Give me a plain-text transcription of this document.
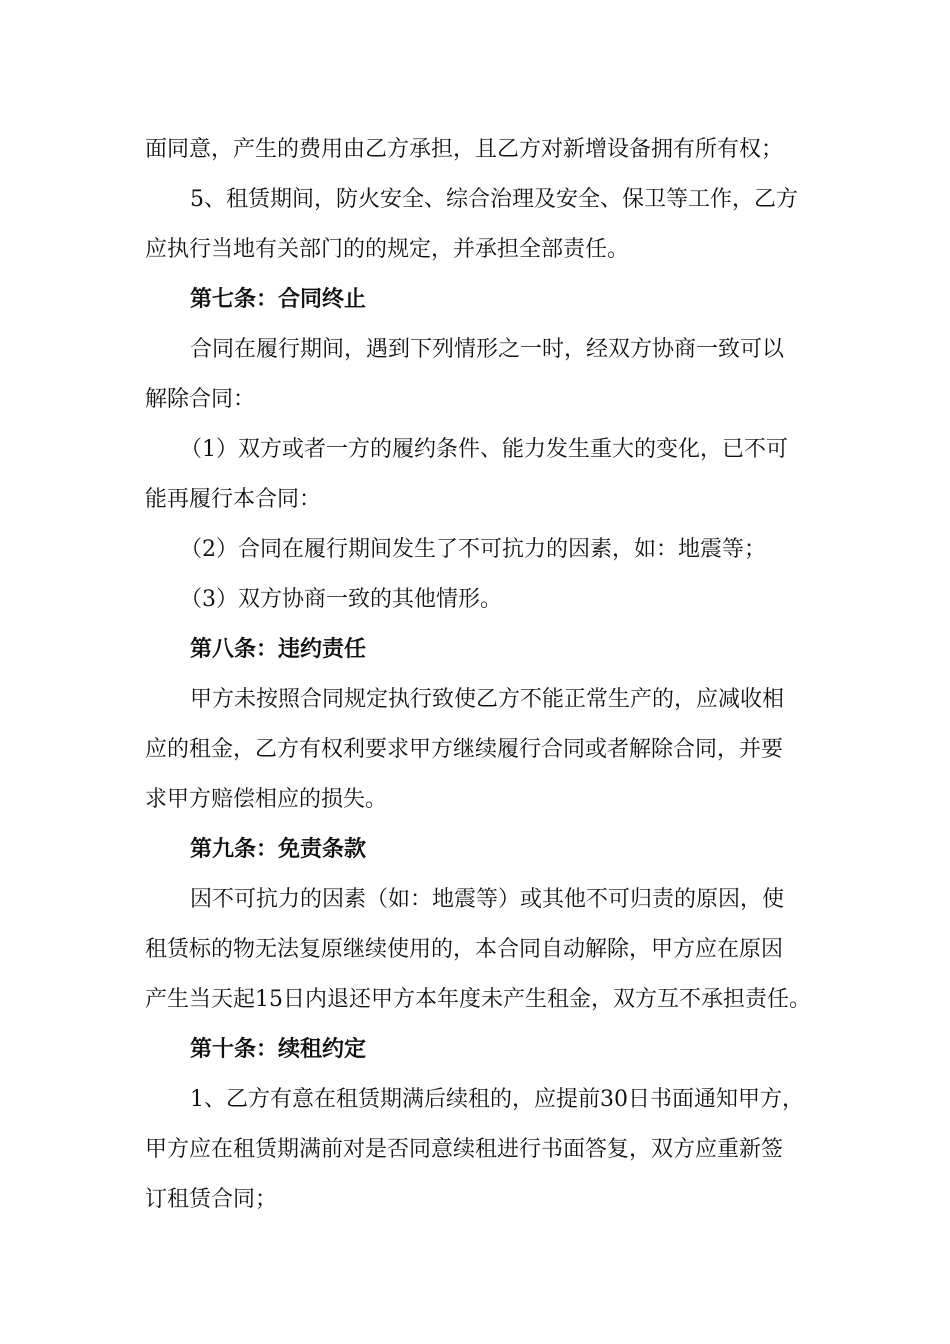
面同意，产生的费用由乙方承担，且乙方对新增设备拥有所有权；
5、租赁期间，防火安全、综合治理及安全、保卫等工作，乙方
应执行当地有关部门的的规定，并承担全部责任。
第七条：合同终止
合同在履行期间，遇到下列情形之一时，经双方协商一致可以
解除合同：
（1）双方或者一方的履约条件、能力发生重大的变化，已不可
能再履行本合同：
（2）合同在履行期间发生了不可抗力的因素，如：地震等；
（3）双方协商一致的其他情形。
第八条：违约责任
甲方未按照合同规定执行致使乙方不能正常生产的，应减收相
应的租金，乙方有权利要求甲方继续履行合同或者解除合同，并要
求甲方赔偿相应的损失。
第九条：免责条款
因不可抗力的因素（如：地震等）或其他不可归责的原因，使
租赁标的物无法复原继续使用的，本合同自动解除，甲方应在原因
产生当天起15日内退还甲方本年度未产生租金，双方互不承担责任。
第十条：续租约定
1、乙方有意在租赁期满后续租的，应提前30日书面通知甲方，
甲方应在租赁期满前对是否同意续租进行书面答复，双方应重新签
订租赁合同；
